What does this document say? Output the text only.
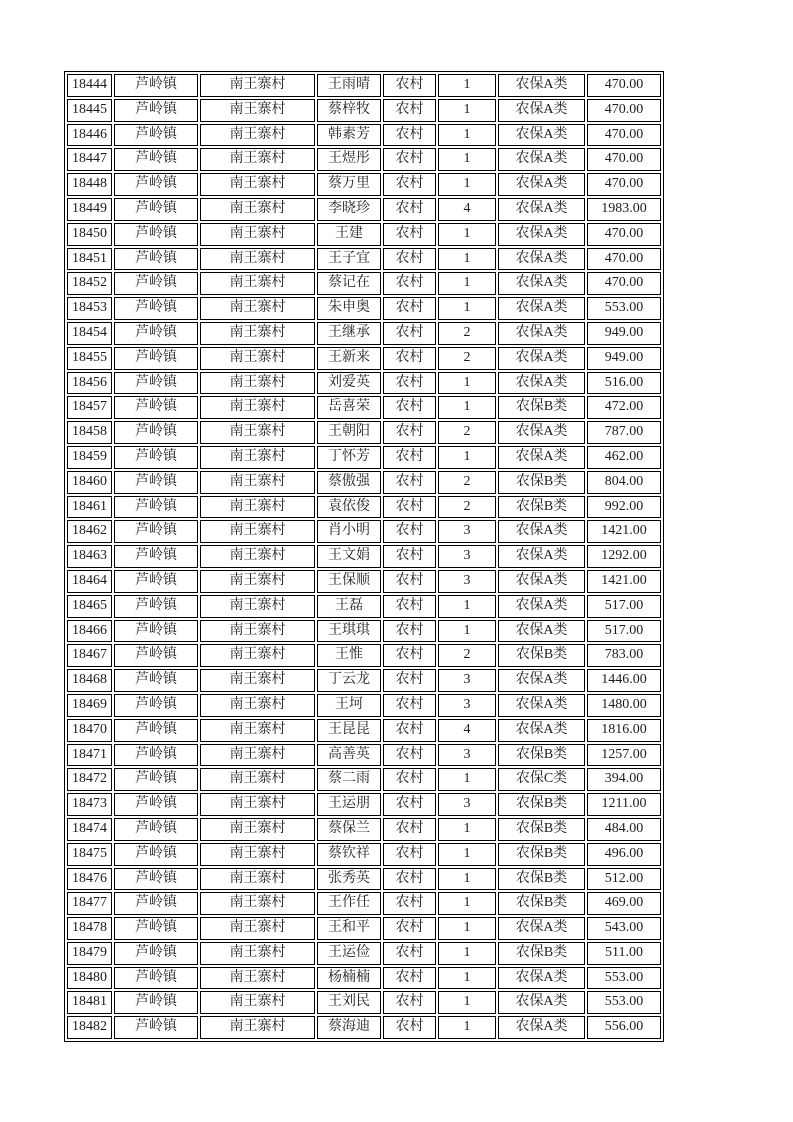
18444	芦岭镇	南王寨村	王雨晴	农村	1	农保A类	470.00
18445	芦岭镇	南王寨村	蔡梓牧	农村	1	农保A类	470.00
18446	芦岭镇	南王寨村	韩素芳	农村	1	农保A类	470.00
18447	芦岭镇	南王寨村	王煜彤	农村	1	农保A类	470.00
18448	芦岭镇	南王寨村	蔡万里	农村	1	农保A类	470.00
18449	芦岭镇	南王寨村	李晓珍	农村	4	农保A类	1983.00
18450	芦岭镇	南王寨村	王建	农村	1	农保A类	470.00
18451	芦岭镇	南王寨村	王子宜	农村	1	农保A类	470.00
18452	芦岭镇	南王寨村	蔡记在	农村	1	农保A类	470.00
18453	芦岭镇	南王寨村	朱申奥	农村	1	农保A类	553.00
18454	芦岭镇	南王寨村	王继承	农村	2	农保A类	949.00
18455	芦岭镇	南王寨村	王新来	农村	2	农保A类	949.00
18456	芦岭镇	南王寨村	刘爱英	农村	1	农保A类	516.00
18457	芦岭镇	南王寨村	岳喜荣	农村	1	农保B类	472.00
18458	芦岭镇	南王寨村	王朝阳	农村	2	农保A类	787.00
18459	芦岭镇	南王寨村	丁怀芳	农村	1	农保A类	462.00
18460	芦岭镇	南王寨村	蔡傲强	农村	2	农保B类	804.00
18461	芦岭镇	南王寨村	袁依俊	农村	2	农保B类	992.00
18462	芦岭镇	南王寨村	肖小明	农村	3	农保A类	1421.00
18463	芦岭镇	南王寨村	王文娟	农村	3	农保A类	1292.00
18464	芦岭镇	南王寨村	王保顺	农村	3	农保A类	1421.00
18465	芦岭镇	南王寨村	王磊	农村	1	农保A类	517.00
18466	芦岭镇	南王寨村	王琪琪	农村	1	农保A类	517.00
18467	芦岭镇	南王寨村	王惟	农村	2	农保B类	783.00
18468	芦岭镇	南王寨村	丁云龙	农村	3	农保A类	1446.00
18469	芦岭镇	南王寨村	王坷	农村	3	农保A类	1480.00
18470	芦岭镇	南王寨村	王昆昆	农村	4	农保A类	1816.00
18471	芦岭镇	南王寨村	高善英	农村	3	农保B类	1257.00
18472	芦岭镇	南王寨村	蔡二雨	农村	1	农保C类	394.00
18473	芦岭镇	南王寨村	王运朋	农村	3	农保B类	1211.00
18474	芦岭镇	南王寨村	蔡保兰	农村	1	农保B类	484.00
18475	芦岭镇	南王寨村	蔡钦祥	农村	1	农保B类	496.00
18476	芦岭镇	南王寨村	张秀英	农村	1	农保B类	512.00
18477	芦岭镇	南王寨村	王作任	农村	1	农保B类	469.00
18478	芦岭镇	南王寨村	王和平	农村	1	农保A类	543.00
18479	芦岭镇	南王寨村	王运俭	农村	1	农保B类	511.00
18480	芦岭镇	南王寨村	杨楠楠	农村	1	农保A类	553.00
18481	芦岭镇	南王寨村	王刘民	农村	1	农保A类	553.00
18482	芦岭镇	南王寨村	蔡海迪	农村	1	农保A类	556.00
